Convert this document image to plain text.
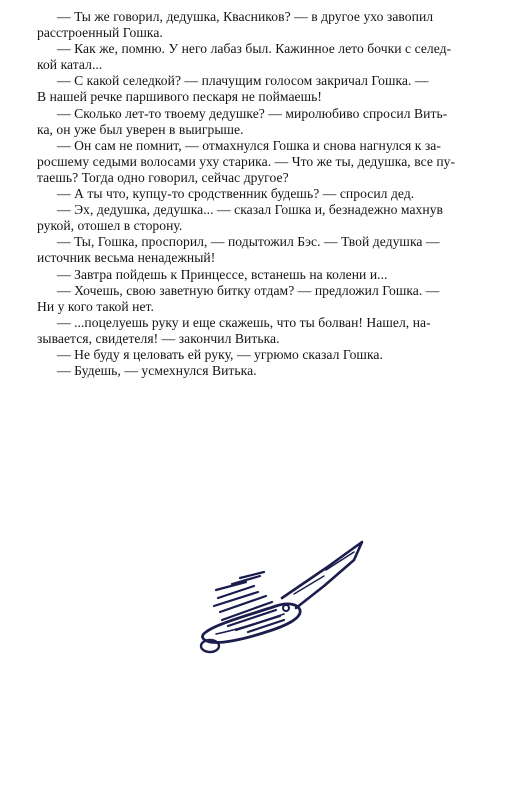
— Ты же говорил, дедушка, Квасников? — в другое ухо завопил
расстроенный Гошка.

— Как же, помню. У него лабаз был. Кажинное лето бочки с селед-
кой катал...

— С какой селедкой? — плачущим голосом закричал Гошка. —
В нашей речке паршивого пескаря не поймаешь!

— Сколько лет-то твоему дедушке? — миролюбиво спросил Вить-
ка, он уже был уверен в выигрыше.

— Он сам не помнит, — отмахнулся Гошка и снова нагнулся к за-
росшему седыми волосами уху старика. — Что же ты, дедушка, все пу-
таешь? Тогда одно говорил, сейчас другое?

— А ты что, купцу-то сродственник будешь? — спросил дед.

— Эх, дедушка, дедушка... — сказал Гошка и, безнадежно махнув
рукой, отошел в сторону.

— Ты, Гошка, проспорил, — подытожил Бэс. — Твой дедушка —
источник весьма ненадежный!

— Завтра пойдешь к Принцессе, встанешь на колени и...

— Хочешь, свою заветную битку отдам? — предложил Гошка. —
Ни у кого такой нет.

— ...поцелуешь руку и еще скажешь, что ты болван! Нашел, на-
зывается, свидетеля! — закончил Витька.

— Не буду я целовать ей руку, — угрюмо сказал Гошка.

— Будешь, — усмехнулся Витька.
